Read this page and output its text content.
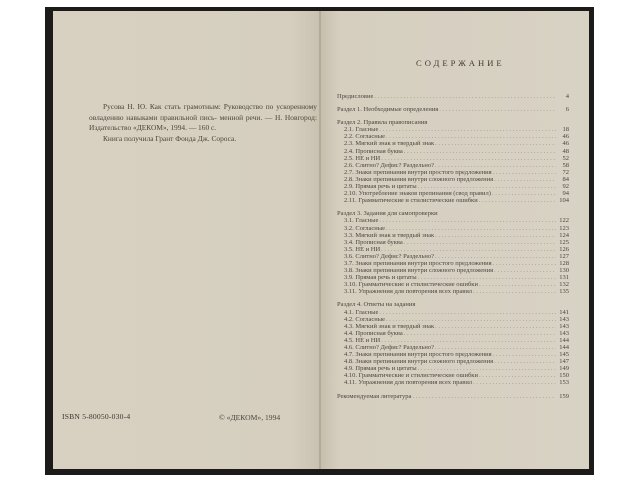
Русова Н. Ю. Как стать грамотным: Руководство по ускоренному овладению навыками правильной пись- менной речи. — Н. Новгород: Издательство «ДЕКОМ», 1994. — 160 с.

Книга получила Грант Фонда Дж. Сороса.

ISBN 5-80050-030-4	© «ДЕКОМ», 1994
СОДЕРЖАНИЕ
Предисловие . . .	4
Раздел 1. Необходимые определения . . .	6
Раздел 2. Правила правописания
2.1. Гласные . . .	18
2.2. Согласные . . .	46
2.3. Мягкий знак и твердый знак . . .	46
2.4. Прописная буква . . .	48
2.5. НЕ и НИ . . .	52
2.6. Слитно? Дефис? Раздельно? . . .	58
2.7. Знаки препинания внутри простого предложения . . .	72
2.8. Знаки препинания внутри сложного предложения . . .	84
2.9. Прямая речь и цитаты . . .	92
2.10. Употребление знаков препинания (свод правил) . . .	94
2.11. Грамматические и стилистические ошибки . . .	104
Раздел 3. Задания для самопроверки
3.1. Гласные . . .	122
3.2. Согласные . . .	123
3.3. Мягкий знак и твердый знак . . .	124
3.4. Прописная буква . . .	125
3.5. НЕ и НИ . . .	126
3.6. Слитно? Дефис? Раздельно? . . .	127
3.7. Знаки препинания внутри простого предложения . . .	128
3.8. Знаки препинания внутри сложного предложения . . .	130
3.9. Прямая речь и цитаты . . .	131
3.10. Грамматические и стилистические ошибки . . .	132
3.11. Упражнения для повторения всех правил . . .	135
Раздел 4. Ответы на задания
4.1. Гласные . . .	141
4.2. Согласные . . .	143
4.3. Мягкий знак и твердый знак . . .	143
4.4. Прописная буква . . .	143
4.5. НЕ и НИ . . .	144
4.6. Слитно? Дефис? Раздельно? . . .	144
4.7. Знаки препинания внутри простого предложения . . .	145
4.8. Знаки препинания внутри сложного предложения . . .	147
4.9. Прямая речь и цитаты . . .	149
4.10. Грамматические и стилистические ошибки . . .	150
4.11. Упражнения для повторения всех правил . . .	153
Рекомендуемая литература . . .	159
